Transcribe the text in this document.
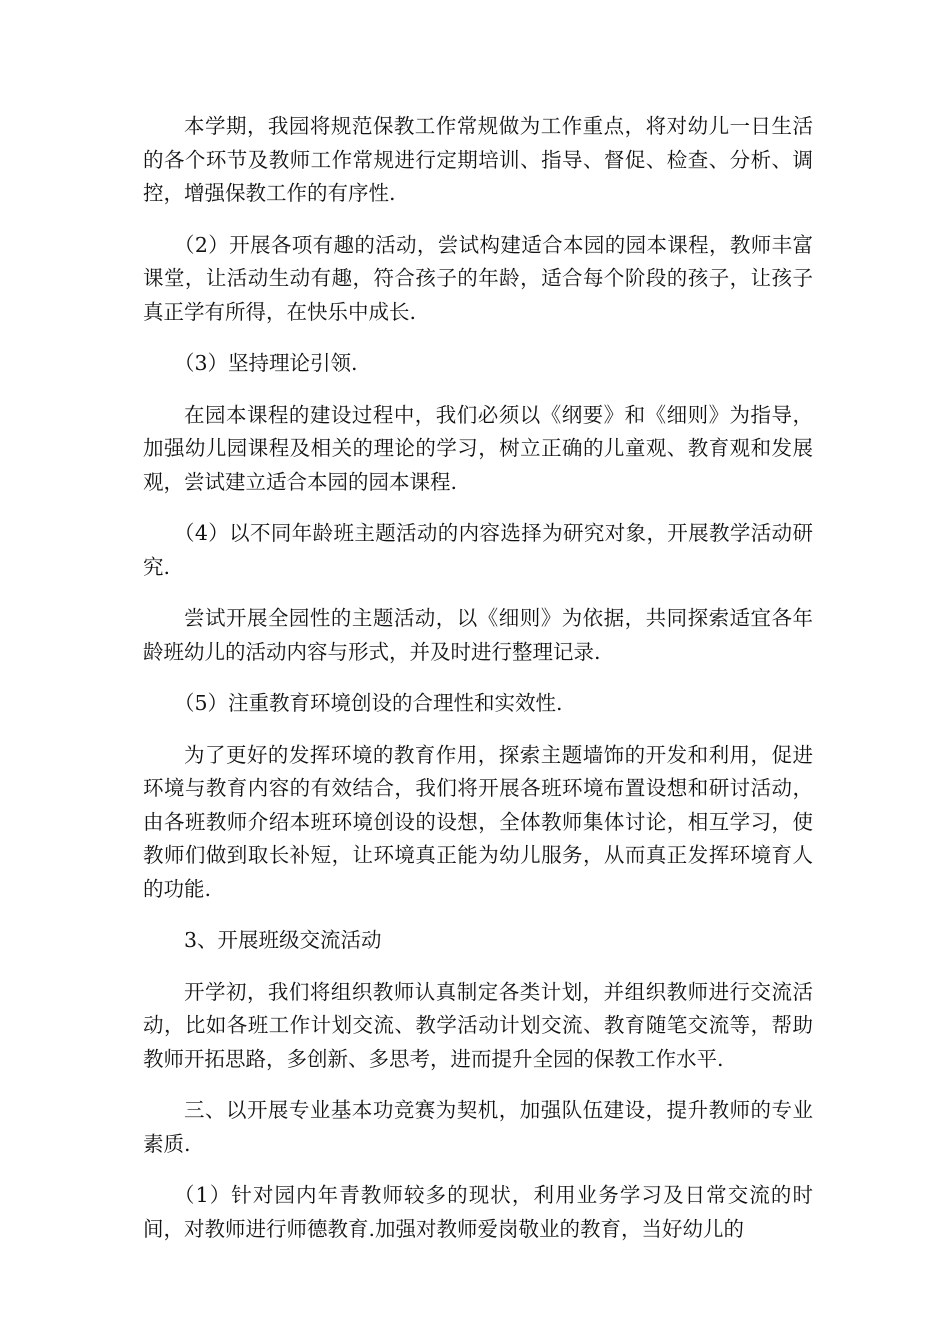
本学期，我园将规范保教工作常规做为工作重点，将对幼儿一日生活的各个环节及教师工作常规进行定期培训、指导、督促、检查、分析、调控，增强保教工作的有序性.

（2）开展各项有趣的活动，尝试构建适合本园的园本课程，教师丰富课堂，让活动生动有趣，符合孩子的年龄，适合每个阶段的孩子，让孩子真正学有所得，在快乐中成长.

（3）坚持理论引领.

在园本课程的建设过程中，我们必须以《纲要》和《细则》为指导，加强幼儿园课程及相关的理论的学习，树立正确的儿童观、教育观和发展观，尝试建立适合本园的园本课程.

（4）以不同年龄班主题活动的内容选择为研究对象，开展教学活动研究.

尝试开展全园性的主题活动，以《细则》为依据，共同探索适宜各年龄班幼儿的活动内容与形式，并及时进行整理记录.

（5）注重教育环境创设的合理性和实效性.

为了更好的发挥环境的教育作用，探索主题墙饰的开发和利用，促进环境与教育内容的有效结合，我们将开展各班环境布置设想和研讨活动，由各班教师介绍本班环境创设的设想，全体教师集体讨论，相互学习，使教师们做到取长补短，让环境真正能为幼儿服务，从而真正发挥环境育人的功能.

3、开展班级交流活动

开学初，我们将组织教师认真制定各类计划，并组织教师进行交流活动，比如各班工作计划交流、教学活动计划交流、教育随笔交流等，帮助教师开拓思路，多创新、多思考，进而提升全园的保教工作水平.

三、以开展专业基本功竞赛为契机，加强队伍建设，提升教师的专业素质.

（1）针对园内年青教师较多的现状，利用业务学习及日常交流的时间，对教师进行师德教育.加强对教师爱岗敬业的教育，当好幼儿的
